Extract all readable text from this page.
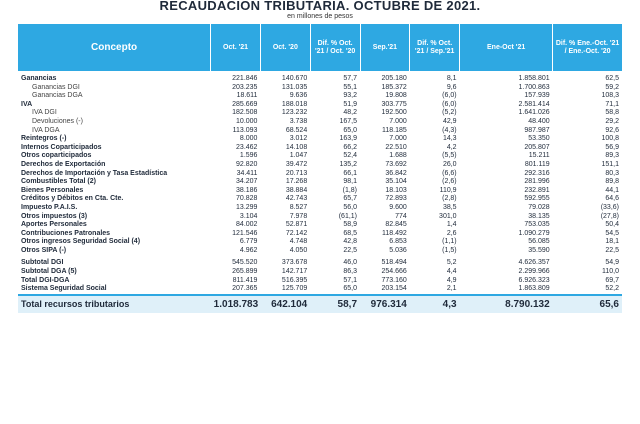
RECAUDACION TRIBUTARIA. OCTUBRE DE 2021.
en millones de pesos
Concepto	Oct. '21	Oct. '20	Dif. % Oct. '21 / Oct. '20	Sep.'21	Dif. % Oct. '21 / Sep.'21	Ene-Oct '21	Dif. % Ene.-Oct. '21 / Ene.-Oct. '20
Ganancias	221.846	140.670	57,7	205.180	8,1	1.858.801	62,5
Ganancias DGI	203.235	131.035	55,1	185.372	9,6	1.700.863	59,2
Ganancias DGA	18.611	9.636	93,2	19.808	(6,0)	157.939	108,3
IVA	285.669	188.018	51,9	303.775	(6,0)	2.581.414	71,1
IVA DGI	182.508	123.232	48,2	192.500	(5,2)	1.641.026	58,8
Devoluciones (-)	10.000	3.738	167,5	7.000	42,9	48.400	29,2
IVA DGA	113.093	68.524	65,0	118.185	(4,3)	987.987	92,6
Reintegros (-)	8.000	3.012	163,9	7.000	14,3	53.350	100,8
Internos Coparticipados	23.462	14.108	66,2	22.510	4,2	205.807	56,9
Otros coparticipados	1.596	1.047	52,4	1.688	(5,5)	15.211	89,3
Derechos de Exportación	92.820	39.472	135,2	73.692	26,0	801.119	151,1
Derechos de Importación y Tasa Estadística	34.411	20.713	66,1	36.842	(6,6)	292.316	80,3
Combustibles Total (2)	34.207	17.268	98,1	35.104	(2,6)	281.996	89,8
Bienes Personales	38.186	38.884	(1,8)	18.103	110,9	232.891	44,1
Créditos y Débitos en Cta. Cte.	70.828	42.743	65,7	72.893	(2,8)	592.955	64,6
Impuesto P.A.I.S.	13.299	8.527	56,0	9.600	38,5	79.028	(33,6)
Otros impuestos (3)	3.104	7.978	(61,1)	774	301,0	38.135	(27,8)
Aportes Personales	84.002	52.871	58,9	82.845	1,4	753.035	50,4
Contribuciones Patronales	121.546	72.142	68,5	118.492	2,6	1.090.279	54,5
Otros ingresos Seguridad Social (4)	6.779	4.748	42,8	6.853	(1,1)	56.085	18,1
Otros SIPA (-)	4.962	4.050	22,5	5.036	(1,5)	35.590	22,5
Subtotal DGI	545.520	373.678	46,0	518.494	5,2	4.626.357	54,9
Subtotal DGA (5)	265.899	142.717	86,3	254.666	4,4	2.299.966	110,0
Total DGI-DGA	811.419	516.395	57,1	773.160	4,9	6.926.323	69,7
Sistema Seguridad Social	207.365	125.709	65,0	203.154	2,1	1.863.809	52,2
Total recursos tributarios	1.018.783	642.104	58,7	976.314	4,3	8.790.132	65,6
